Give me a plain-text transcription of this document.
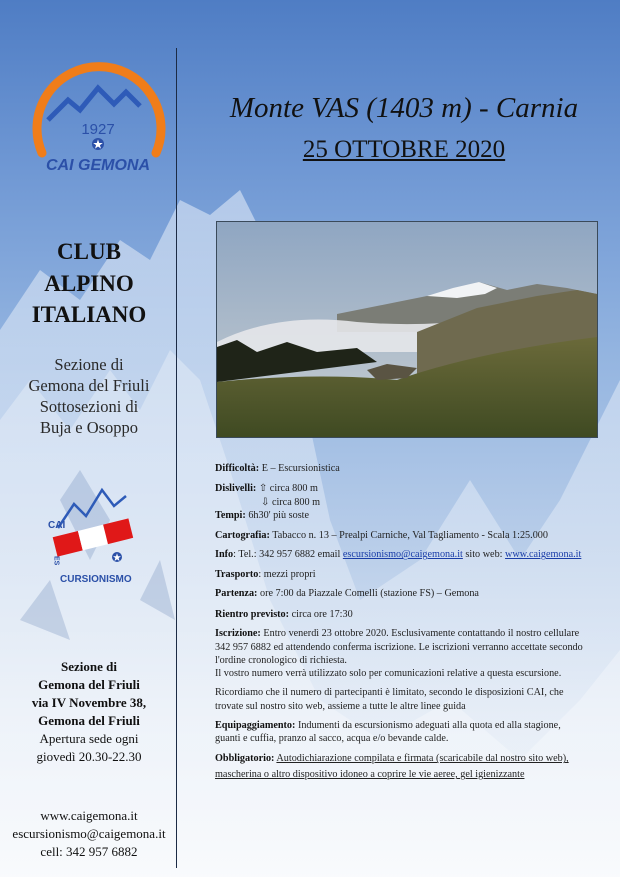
1927
CAI GEMONA
CLUB
ALPINO
ITALIANO
Sezione di
Gemona del Friuli
Sottosezioni di
Buja e Osoppo
CAI
ES
CURSIONISMO
Sezione di
Gemona del Friuli
via IV Novembre 38,
Gemona del Friuli
Apertura sede ogni
giovedì 20.30-22.30
www.caigemona.it
escursionismo@caigemona.it
cell: 342 957 6882
Monte VAS (1403 m) - Carnia
25 OTTOBRE 2020

Difficoltà: E – Escursionistica

Dislivelli: ⇧ circa 800 m

⇩ circa 800 m

Tempi: 6h30' più soste

Cartografia: Tabacco n. 13 – Prealpi Carniche, Val Tagliamento - Scala 1:25.000

Info: Tel.: 342 957 6882 email escursionismo@caigemona.it sito web: www.caigemona.it

Trasporto: mezzi propri

Partenza: ore 7:00 da Piazzale Comelli (stazione FS) – Gemona

Rientro previsto: circa ore 17:30

Iscrizione: Entro venerdì 23 ottobre 2020. Esclusivamente contattando il nostro cellulare 342 957 6882 ed attendendo conferma iscrizione. Le iscrizioni verranno accettate secondo l'ordine cronologico di richiesta.

Il vostro numero verrà utilizzato solo per comunicazioni relative a questa escursione.

Ricordiamo che il numero di partecipanti è limitato, secondo le disposizioni CAI, che trovate sul nostro sito web, assieme a tutte le altre linee guida

Equipaggiamento: Indumenti da escursionismo adeguati alla quota ed alla stagione, guanti e cuffia, pranzo al sacco, acqua e/o bevande calde.

Obbligatorio: Autodichiarazione compilata e firmata (scaricabile dal nostro sito web), mascherina o altro dispositivo idoneo a coprire le vie aeree, gel igienizzante
